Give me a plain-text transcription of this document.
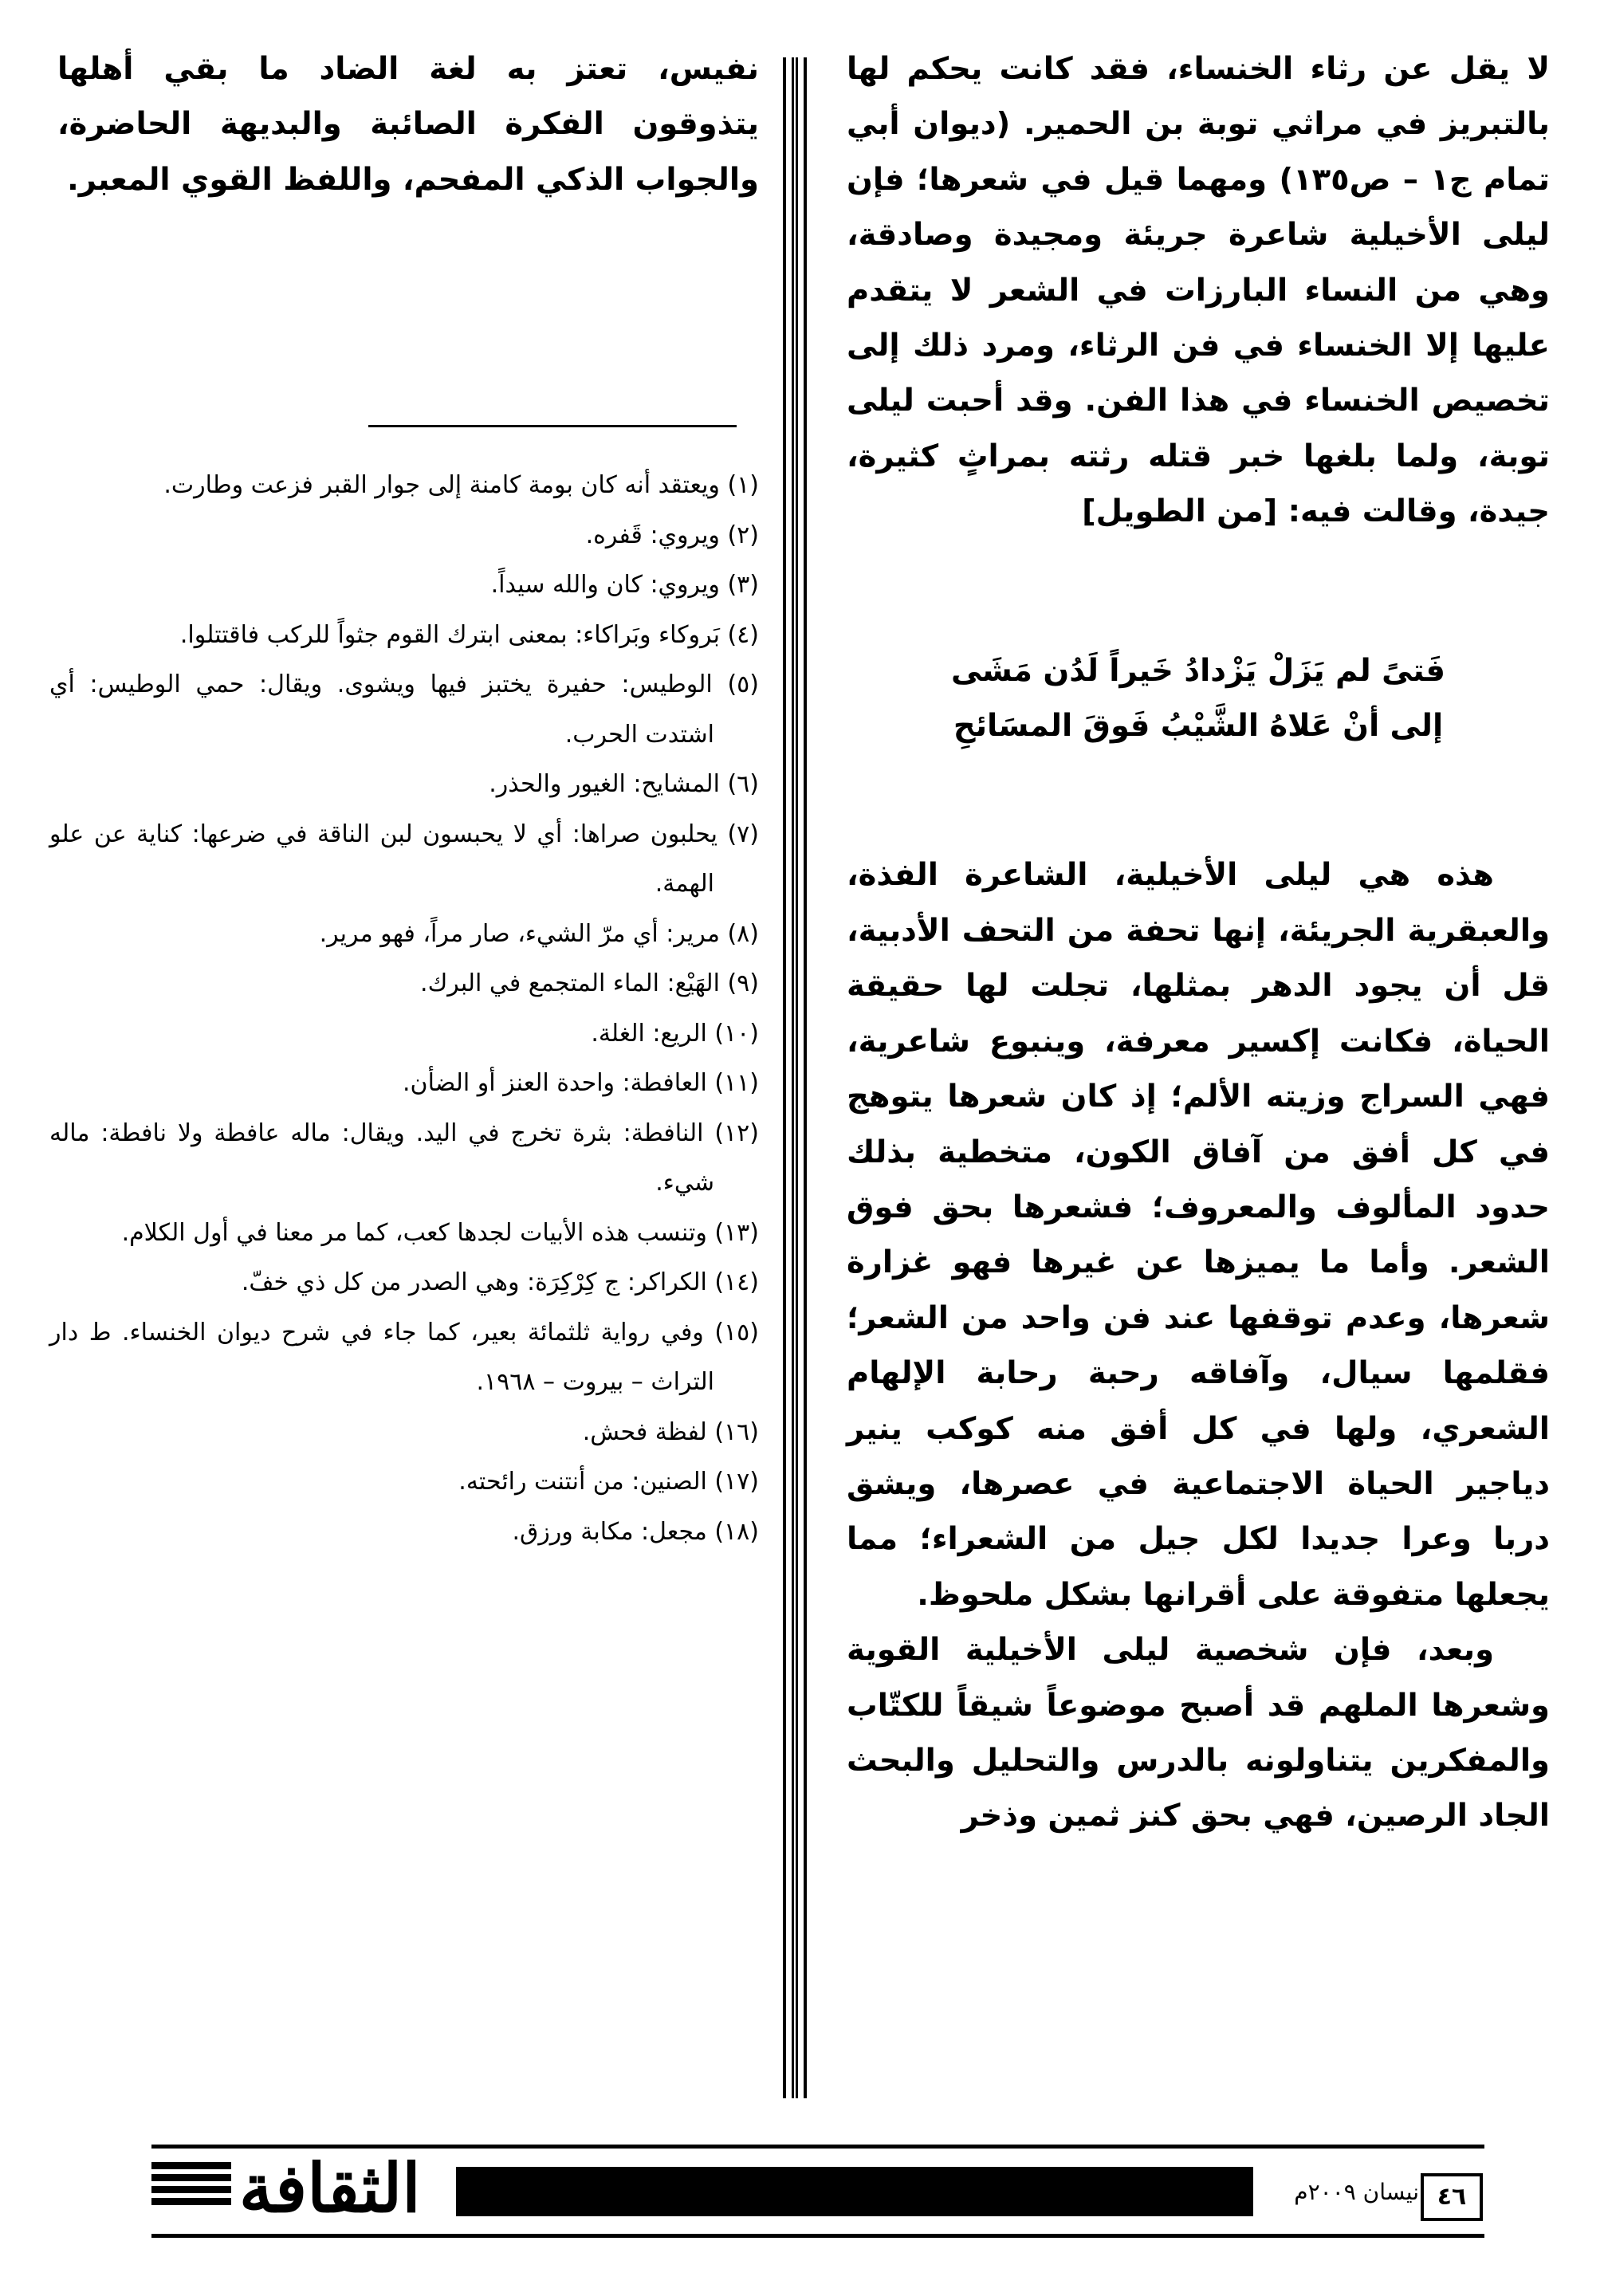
لا يقل عن رثاء الخنساء، فقد كانت يحكم لها بالتبريز في مراثي توبة بن الحمير. (ديوان أبي تمام ج١ – ص١٣٥) ومهما قيل في شعرها؛ فإن ليلى الأخيلية شاعرة جريئة ومجيدة وصادقة، وهي من النساء البارزات في الشعر لا يتقدم عليها إلا الخنساء في فن الرثاء، ومرد ذلك إلى تخصيص الخنساء في هذا الفن. وقد أحبت ليلى توبة، ولما بلغها خبر قتله رثته بمراثٍ كثيرة، جيدة، وقالت فيه: [من الطويل]

فَتىً لم يَزَلْ يَزْدادُ خَيراً لَدُن مَشَى
إلى أنْ عَلاهُ الشَّيْبُ فَوقَ المسَائحِ

هذه هي ليلى الأخيلية، الشاعرة الفذة، والعبقرية الجريئة، إنها تحفة من التحف الأدبية، قل أن يجود الدهر بمثلها، تجلت لها حقيقة الحياة، فكانت إكسير معرفة، وينبوع شاعرية، فهي السراج وزيته الألم؛ إذ كان شعرها يتوهج في كل أفق من آفاق الكون، متخطية بذلك حدود المألوف والمعروف؛ فشعرها بحق فوق الشعر. وأما ما يميزها عن غيرها فهو غزارة شعرها، وعدم توقفها عند فن واحد من الشعر؛ فقلمها سيال، وآفاقه رحبة رحابة الإلهام الشعري، ولها في كل أفق منه كوكب ينير دياجير الحياة الاجتماعية في عصرها، ويشق دربا وعرا جديدا لكل جيل من الشعراء؛ مما يجعلها متفوقة على أقرانها بشكل ملحوظ.

وبعد، فإن شخصية ليلى الأخيلية القوية وشعرها الملهم قد أصبح موضوعاً شيقاً للكتّاب والمفكرين يتناولونه بالدرس والتحليل والبحث الجاد الرصين، فهي بحق كنز ثمين وذخر

نفيس، تعتز به لغة الضاد ما بقي أهلها يتذوقون الفكرة الصائبة والبديهة الحاضرة، والجواب الذكي المفحم، واللفظ القوي المعبر.

(١) ويعتقد أنه كان بومة كامنة إلى جوار القبر فزعت وطارت.

(٢) ويروي: قَفره.

(٣) ويروي: كان والله سيداً.

(٤) بَروكاء وبَراكاء: بمعنى ابترك القوم جثواً للركب فاقتتلوا.

(٥) الوطيس: حفيرة يختبز فيها ويشوى. ويقال: حمي الوطيس: أي اشتدت الحرب.

(٦) المشايح: الغيور والحذر.

(٧) يحلبون صراها: أي لا يحبسون لبن الناقة في ضرعها: كناية عن علو الهمة.

(٨) مرير: أي مرّ الشيء، صار مراً، فهو مرير.

(٩) الهَيْع: الماء المتجمع في البرك.

(١٠) الريع: الغلة.

(١١) العافطة: واحدة العنز أو الضأن.

(١٢) النافطة: بثرة تخرج في اليد. ويقال: ماله عافطة ولا نافطة: ماله شيء.

(١٣) وتنسب هذه الأبيات لجدها كعب، كما مر معنا في أول الكلام.

(١٤) الكراكر: ج كِرْكِرَة: وهي الصدر من كل ذي خفّ.

(١٥) وفي رواية ثلثمائة بعير، كما جاء في شرح ديوان الخنساء. ط دار التراث – بيروت – ١٩٦٨.

(١٦) لفظة فحش.

(١٧) الصنين: من أنتنت رائحته.

(١٨) مجعل: مكابة ورزق.

الثقافة	نيسان ٢٠٠٩م ٤٦
